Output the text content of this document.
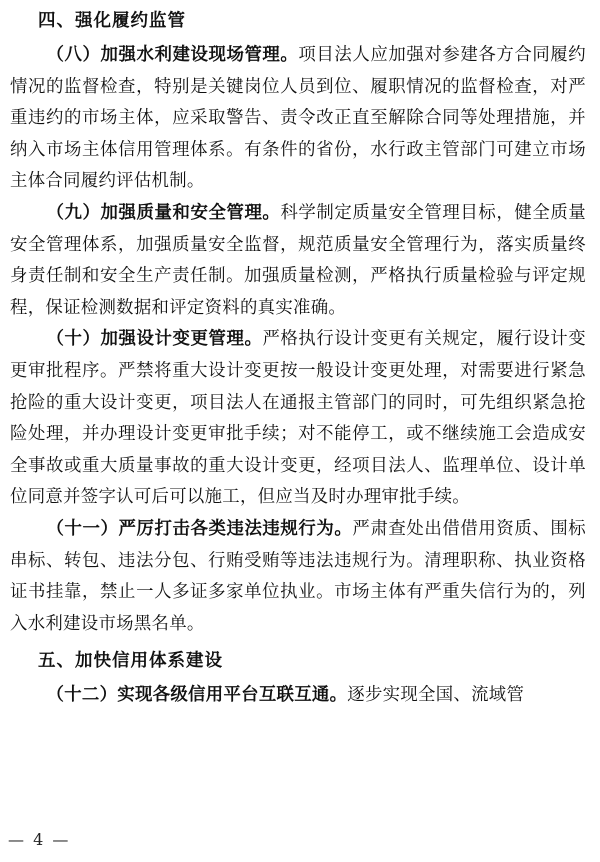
四、强化履约监管

（八）加强水利建设现场管理。项目法人应加强对参建各方合同履约情况的监督检查，特别是关键岗位人员到位、履职情况的监督检查，对严重违约的市场主体，应采取警告、责令改正直至解除合同等处理措施，并纳入市场主体信用管理体系。有条件的省份，水行政主管部门可建立市场主体合同履约评估机制。

（九）加强质量和安全管理。科学制定质量安全管理目标，健全质量安全管理体系，加强质量安全监督，规范质量安全管理行为，落实质量终身责任制和安全生产责任制。加强质量检测，严格执行质量检验与评定规程，保证检测数据和评定资料的真实准确。

（十）加强设计变更管理。严格执行设计变更有关规定，履行设计变更审批程序。严禁将重大设计变更按一般设计变更处理，对需要进行紧急抢险的重大设计变更，项目法人在通报主管部门的同时，可先组织紧急抢险处理，并办理设计变更审批手续；对不能停工，或不继续施工会造成安全事故或重大质量事故的重大设计变更，经项目法人、监理单位、设计单位同意并签字认可后可以施工，但应当及时办理审批手续。

（十一）严厉打击各类违法违规行为。严肃查处出借借用资质、围标串标、转包、违法分包、行贿受贿等违法违规行为。清理职称、执业资格证书挂靠，禁止一人多证多家单位执业。市场主体有严重失信行为的，列入水利建设市场黑名单。

五、加快信用体系建设

（十二）实现各级信用平台互联互通。逐步实现全国、流域管

— 4 —
